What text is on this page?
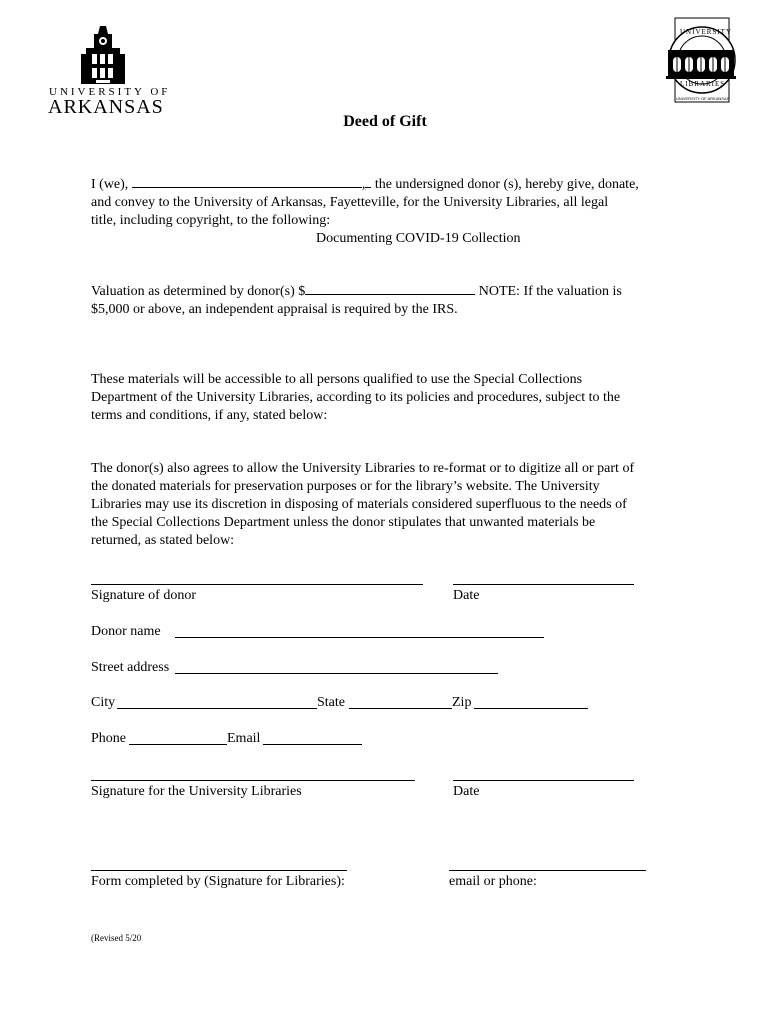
UNIVERSITY OF
ARKANSAS
UNIVERSITY
LIBRARIES
UNIVERSITY OF ARKANSAS
Deed of Gift
I (we),	, the undersigned donor (s), hereby give, donate,
and convey to the University of Arkansas, Fayetteville, for the University Libraries, all legal
title, including copyright, to the following:
Documenting COVID-19 Collection
Valuation as determined by donor(s) $	NOTE: If the valuation is
$5,000 or above, an independent appraisal is required by the IRS.
These materials will be accessible to all persons qualified to use the Special Collections
Department of the University Libraries, according to its policies and procedures, subject to the
terms and conditions, if any, stated below:
The donor(s) also agrees to allow the University Libraries to re-format or to digitize all or part of
the donated materials for preservation purposes or for the library’s website. The University
Libraries may use its discretion in disposing of materials considered superfluous to the needs of
the Special Collections Department unless the donor stipulates that unwanted materials be
returned, as stated below:
Signature of donor	Date
Donor name
Street address
City	State	Zip
Phone	Email
Signature for the University Libraries	Date
Form completed by (Signature for Libraries):	email or phone:
(Revised 5/20
